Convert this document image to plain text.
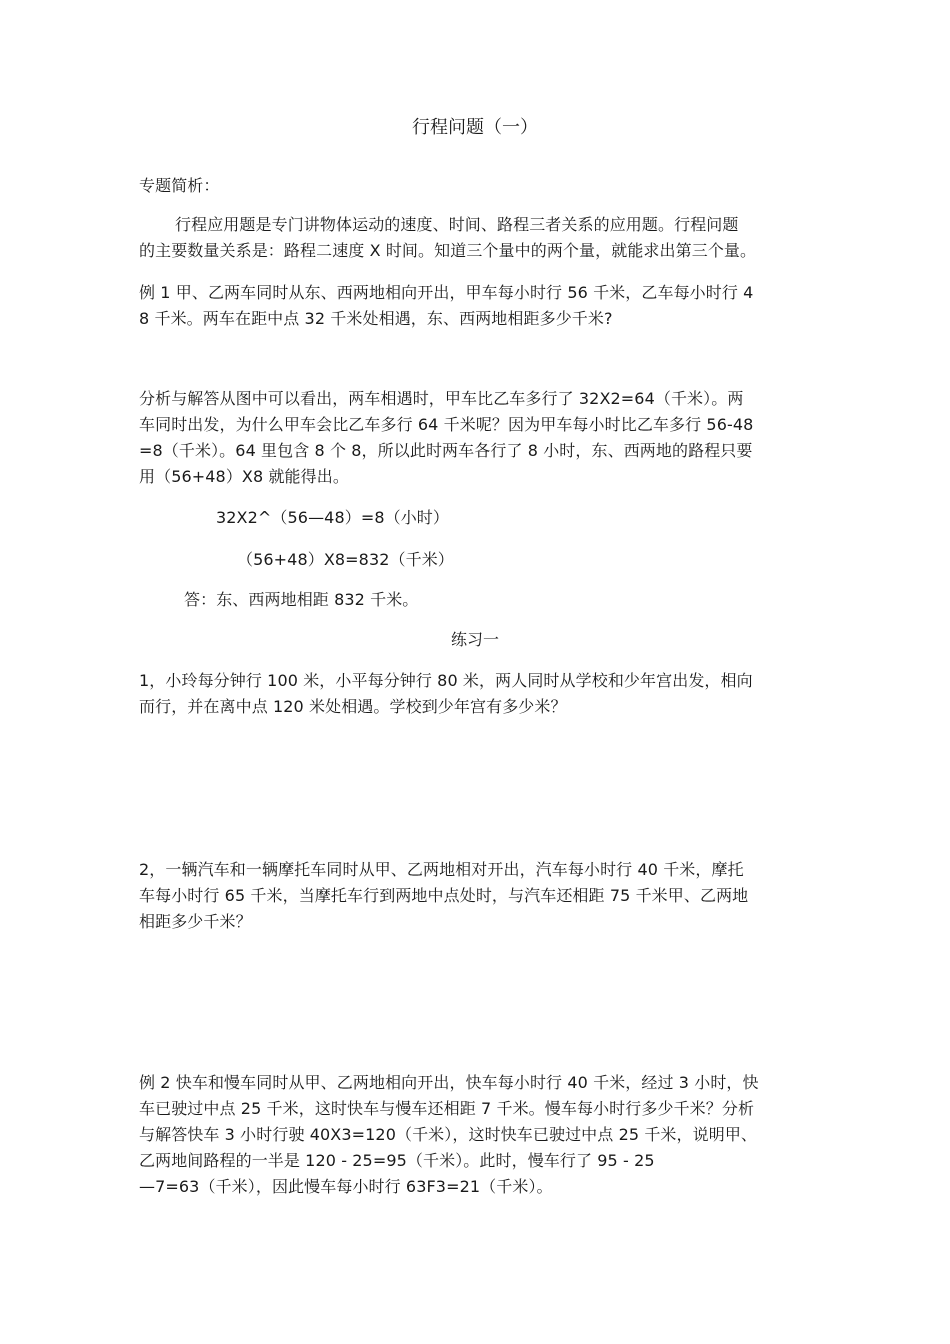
行程问题（一）
专题简析：
行程应用题是专门讲物体运动的速度、时间、路程三者关系的应用题。行程问题
的主要数量关系是：路程二速度 X 时间。知道三个量中的两个量，就能求出第三个量。
例 1 甲、乙两车同时从东、西两地相向开出，甲车每小时行 56 千米，乙车每小时行 4
8 千米。两车在距中点 32 千米处相遇，东、西两地相距多少千米?
分析与解答从图中可以看出，两车相遇时，甲车比乙车多行了 32X2=64（千米）。两
车同时出发，为什么甲车会比乙车多行 64 千米呢？因为甲车每小时比乙车多行 56-48
=8（千米）。64 里包含 8 个 8，所以此时两车各行了 8 小时，东、西两地的路程只要
用（56+48）X8 就能得出。
32X2^（56—48）=8（小时）
（56+48）X8=832（千米）
答：东、西两地相距 832 千米。
练习一
1，小玲每分钟行 100 米，小平每分钟行 80 米，两人同时从学校和少年宫出发，相向
而行，并在离中点 120 米处相遇。学校到少年宫有多少米？
2，一辆汽车和一辆摩托车同时从甲、乙两地相对开出，汽车每小时行 40 千米，摩托
车每小时行 65 千米，当摩托车行到两地中点处时，与汽车还相距 75 千米甲、乙两地
相距多少千米？
例 2 快车和慢车同时从甲、乙两地相向开出，快车每小时行 40 千米，经过 3 小时，快
车已驶过中点 25 千米，这时快车与慢车还相距 7 千米。慢车每小时行多少千米？分析
与解答快车 3 小时行驶 40X3=120（千米），这时快车已驶过中点 25 千米，说明甲、
乙两地间路程的一半是 120 - 25=95（千米）。此时，慢车行了 95 - 25
—7=63（千米），因此慢车每小时行 63F3=21（千米）。
